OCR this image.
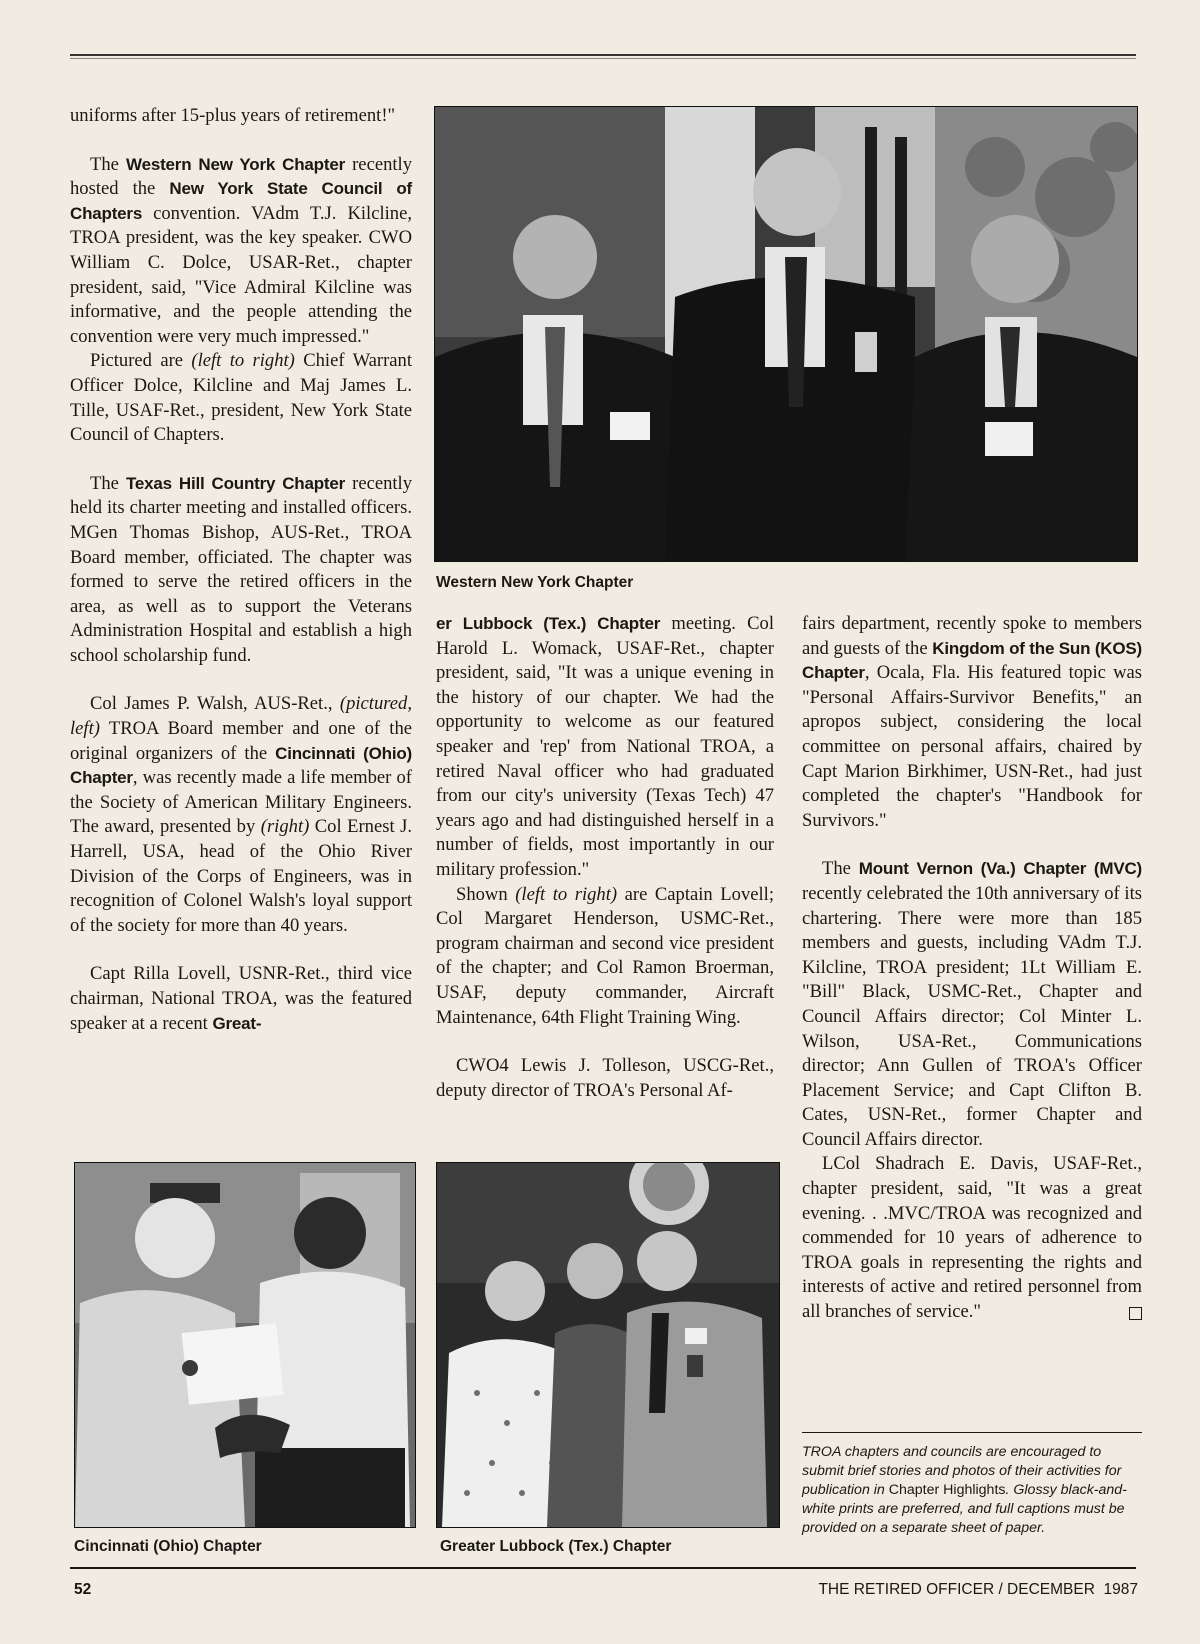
uniforms after 15-plus years of retirement!"

The Western New York Chapter recently hosted the New York State Council of Chapters convention. VAdm T.J. Kilcline, TROA president, was the key speaker. CWO William C. Dolce, USAR-Ret., chapter president, said, "Vice Admiral Kilcline was informative, and the people attending the convention were very much impressed."

Pictured are (left to right) Chief Warrant Officer Dolce, Kilcline and Maj James L. Tille, USAF-Ret., president, New York State Council of Chapters.

The Texas Hill Country Chapter recently held its charter meeting and installed officers. MGen Thomas Bishop, AUS-Ret., TROA Board member, officiated. The chapter was formed to serve the retired officers in the area, as well as to support the Veterans Administration Hospital and establish a high school scholarship fund.

Col James P. Walsh, AUS-Ret., (pictured, left) TROA Board member and one of the original organizers of the Cincinnati (Ohio) Chapter, was recently made a life member of the Society of American Military Engineers. The award, presented by (right) Col Ernest J. Harrell, USA, head of the Ohio River Division of the Corps of Engineers, was in recognition of Colonel Walsh's loyal support of the society for more than 40 years.

Capt Rilla Lovell, USNR-Ret., third vice chairman, National TROA, was the featured speaker at a recent Great-

Western New York Chapter

er Lubbock (Tex.) Chapter meeting. Col Harold L. Womack, USAF-Ret., chapter president, said, "It was a unique evening in the history of our chapter. We had the opportunity to welcome as our featured speaker and 'rep' from National TROA, a retired Naval officer who had graduated from our city's university (Texas Tech) 47 years ago and had distinguished herself in a number of fields, most importantly in our military profession."

Shown (left to right) are Captain Lovell; Col Margaret Henderson, USMC-Ret., program chairman and second vice president of the chapter; and Col Ramon Broerman, USAF, deputy commander, Aircraft Maintenance, 64th Flight Training Wing.

CWO4 Lewis J. Tolleson, USCG-Ret., deputy director of TROA's Personal Af-

fairs department, recently spoke to members and guests of the Kingdom of the Sun (KOS) Chapter, Ocala, Fla. His featured topic was "Personal Affairs-Survivor Benefits," an apropos subject, considering the local committee on personal affairs, chaired by Capt Marion Birkhimer, USN-Ret., had just completed the chapter's "Handbook for Survivors."

The Mount Vernon (Va.) Chapter (MVC) recently celebrated the 10th anniversary of its chartering. There were more than 185 members and guests, including VAdm T.J. Kilcline, TROA president; 1Lt William E. "Bill" Black, USMC-Ret., Chapter and Council Affairs director; Col Minter L. Wilson, USA-Ret., Communications director; Ann Gullen of TROA's Officer Placement Service; and Capt Clifton B. Cates, USN-Ret., former Chapter and Council Affairs director.

LCol Shadrach E. Davis, USAF-Ret., chapter president, said, "It was a great evening. . .MVC/TROA was recognized and commended for 10 years of adherence to TROA goals in representing the rights and interests of active and retired personnel from all branches of service."

Cincinnati (Ohio) Chapter	Greater Lubbock (Tex.) Chapter
TROA chapters and councils are encouraged to submit brief stories and photos of their activities for publication in Chapter Highlights. Glossy black-and-white prints are preferred, and full captions must be provided on a separate sheet of paper.
52	THE RETIRED OFFICER / DECEMBER  1987
